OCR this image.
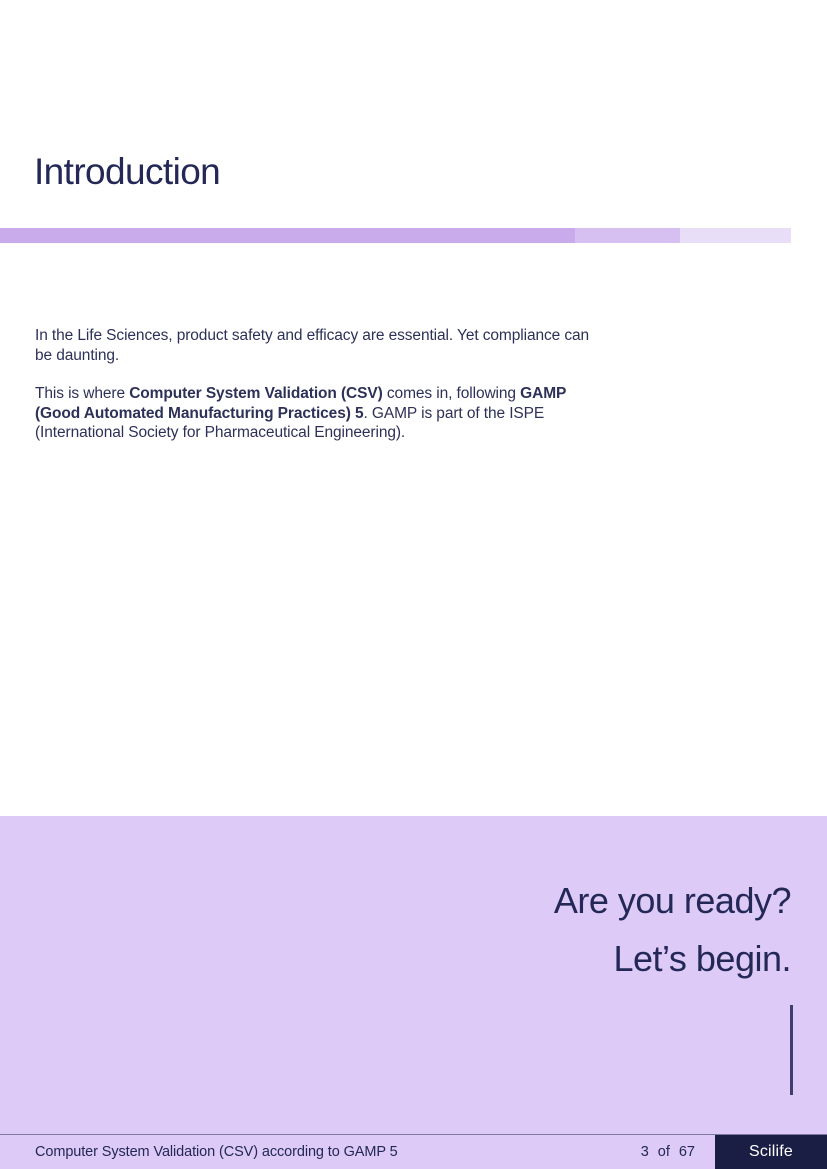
Introduction

In the Life Sciences, product safety and efficacy are essential. Yet compliance can be daunting.

This is where Computer System Validation (CSV) comes in, following GAMP (Good Automated Manufacturing Practices) 5. GAMP is part of the ISPE (International Society for Pharmaceutical Engineering).

Are you ready?
Let’s begin.
Computer System Validation (CSV) according to GAMP 5	3 of 67	Scilife
